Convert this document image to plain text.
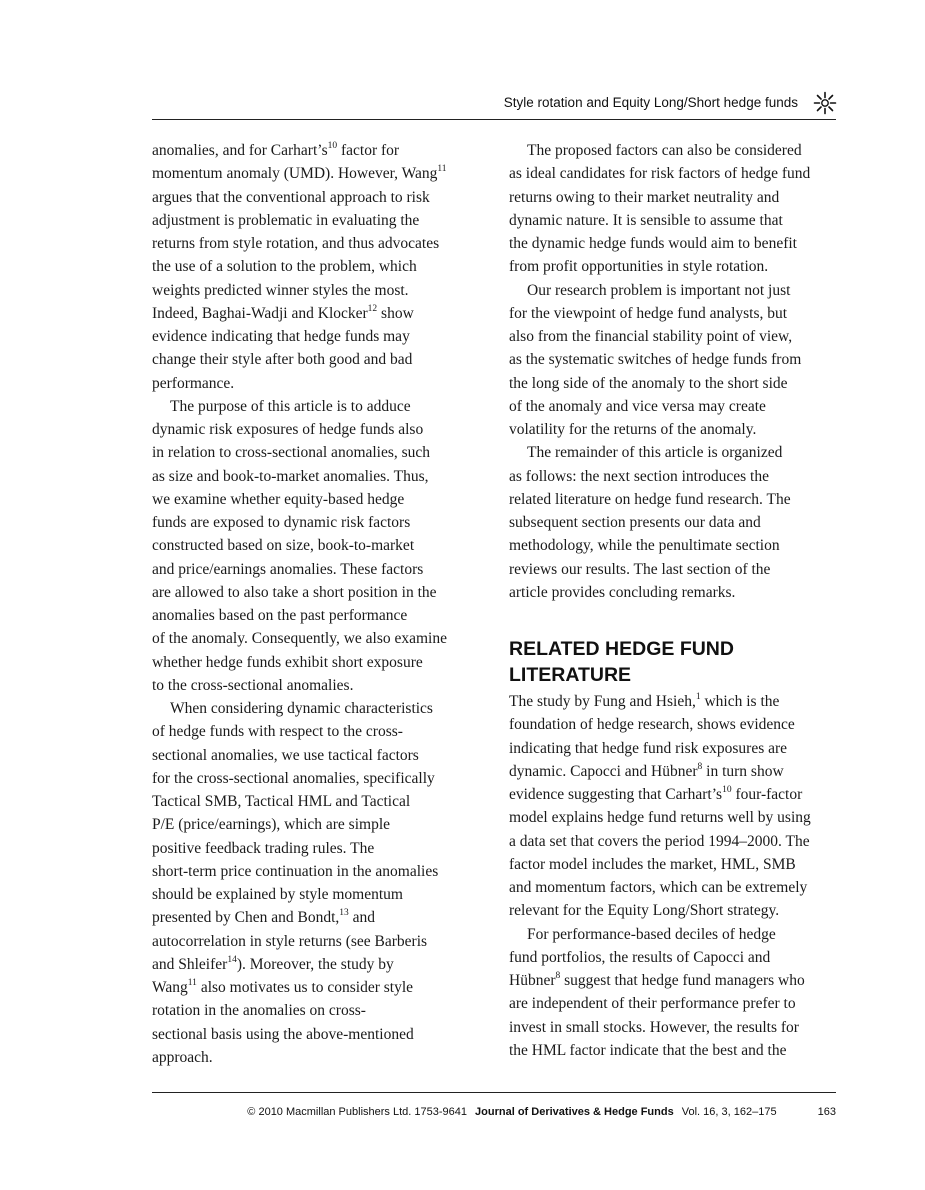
Style rotation and Equity Long/Short hedge funds
anomalies, and for $Carhart’s^{10}$ factor for
momentum anomaly (UMD). However, Wang$^{11}$
argues that the conventional approach to risk
adjustment is problematic in evaluating the
returns from style rotation, and thus advocates
the use of a solution to the problem, which
weights predicted winner styles the most.
Indeed, Baghai-Wadji and Klocker$^{12}$ show
evidence indicating that hedge funds may
change their style after both good and bad
performance.
The purpose of this article is to adduce
dynamic risk exposures of hedge funds also
in relation to cross-sectional anomalies, such
as size and book-to-market anomalies. Thus,
we examine whether equity-based hedge
funds are exposed to dynamic risk factors
constructed based on size, book-to-market
and price/earnings anomalies. These factors
are allowed to also take a short position in the
anomalies based on the past performance
of the anomaly. Consequently, we also examine
whether hedge funds exhibit short exposure
to the cross-sectional anomalies.
When considering dynamic characteristics
of hedge funds with respect to the cross-
sectional anomalies, we use tactical factors
for the cross-sectional anomalies, specifically
Tactical SMB, Tactical HML and Tactical
P/E (price/earnings), which are simple
positive feedback trading rules. The
short-term price continuation in the anomalies
should be explained by style momentum
presented by Chen and Bondt,$^{13}$ and
autocorrelation in style returns (see Barberis
and Shleifer$^{14}$). Moreover, the study by
Wang$^{11}$ also motivates us to consider style
rotation in the anomalies on cross-
sectional basis using the above-mentioned
approach.
The proposed factors can also be considered
as ideal candidates for risk factors of hedge fund
returns owing to their market neutrality and
dynamic nature. It is sensible to assume that
the dynamic hedge funds would aim to benefit
from profit opportunities in style rotation.
Our research problem is important not just
for the viewpoint of hedge fund analysts, but
also from the financial stability point of view,
as the systematic switches of hedge funds from
the long side of the anomaly to the short side
of the anomaly and vice versa may create
volatility for the returns of the anomaly.
The remainder of this article is organized
as follows: the next section introduces the
related literature on hedge fund research. The
subsequent section presents our data and
methodology, while the penultimate section
reviews our results. The last section of the
article provides concluding remarks.
RELATED HEDGE FUND
LITERATURE
The study by Fung and Hsieh,$^1$ which is the
foundation of hedge research, shows evidence
indicating that hedge fund risk exposures are
dynamic. Capocci and Hübner$^8$ in turn show
evidence suggesting that $Carhart’s^{10}$ four-factor
model explains hedge fund returns well by using
a data set that covers the period 1994–2000. The
factor model includes the market, HML, SMB
and momentum factors, which can be extremely
relevant for the Equity Long/Short strategy.
For performance-based deciles of hedge
fund portfolios, the results of Capocci and
Hübner$^8$ suggest that hedge fund managers who
are independent of their performance prefer to
invest in small stocks. However, the results for
the HML factor indicate that the best and the
© 2010 Macmillan Publishers Ltd. 1753-9641 Journal of Derivatives & Hedge Funds Vol. 16, 3, 162–175	163
